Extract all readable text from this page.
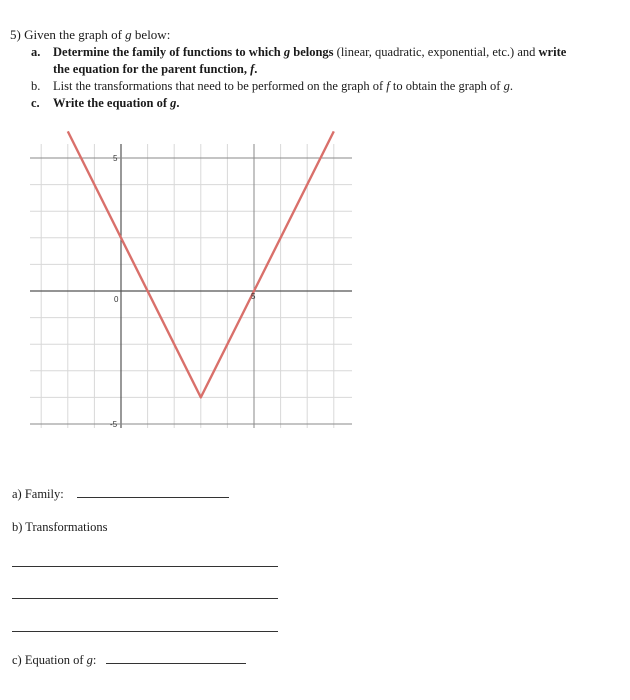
5) Given the graph of g below:
a. Determine the family of functions to which g belongs (linear, quadratic, exponential, etc.) and write
the equation for the parent function, f.
b. List the transformations that need to be performed on the graph of f to obtain the graph of g.
c. Write the equation of g.
5
0	5
-5
a) Family:
b) Transformations
c) Equation of g:
